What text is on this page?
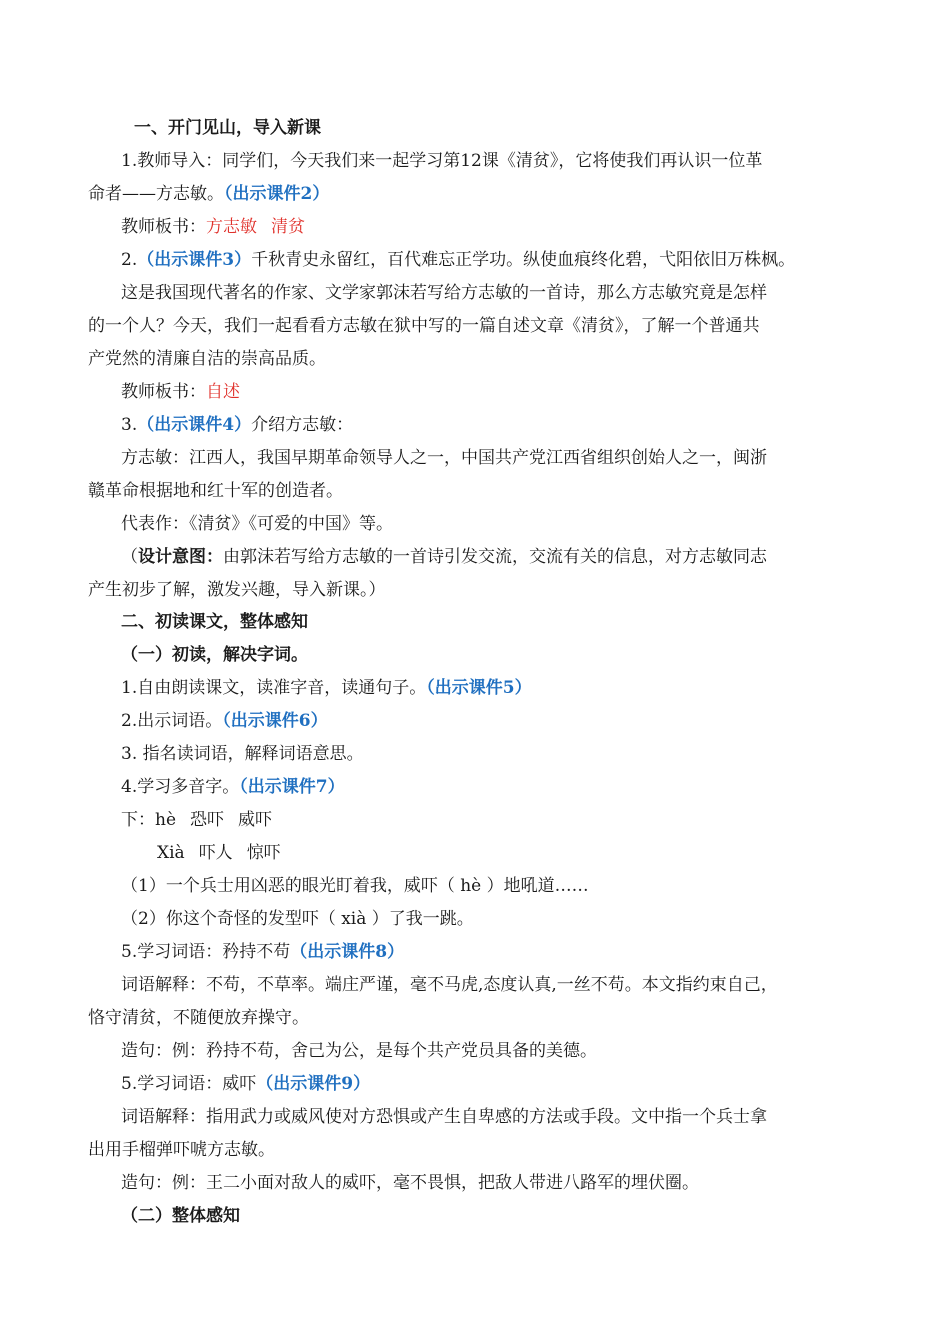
一、开门见山，导入新课
1.教师导入：同学们，今天我们来一起学习第12课《清贫》，它将使我们再认识一位革
命者——方志敏。（出示课件2）
教师板书：方志敏 清贫
2.（出示课件3）千秋青史永留红，百代难忘正学功。纵使血痕终化碧，弋阳依旧万株枫。
这是我国现代著名的作家、文学家郭沫若写给方志敏的一首诗，那么方志敏究竟是怎样
的一个人？今天，我们一起看看方志敏在狱中写的一篇自述文章《清贫》，了解一个普通共
产党然的清廉自洁的崇高品质。
教师板书：自述
3.（出示课件4）介绍方志敏：
方志敏：江西人，我国早期革命领导人之一，中国共产党江西省组织创始人之一，闽浙
赣革命根据地和红十军的创造者。
代表作：《清贫》《可爱的中国》等。
（设计意图：由郭沫若写给方志敏的一首诗引发交流，交流有关的信息，对方志敏同志
产生初步了解，激发兴趣，导入新课。）
二、初读课文，整体感知
（一）初读，解决字词。
1.自由朗读课文，读准字音，读通句子。（出示课件5）
2.出示词语。（出示课件6）
3. 指名读词语，解释词语意思。
4.学习多音字。（出示课件7）
下：hè 恐吓 威吓
Xià 吓人 惊吓
（1）一个兵士用凶恶的眼光盯着我，威吓（ hè ）地吼道……
（2）你这个奇怪的发型吓（ xià ）了我一跳。
5.学习词语：矜持不苟（出示课件8）
词语解释：不苟，不草率。端庄严谨，毫不马虎,态度认真,一丝不苟。本文指约束自己，
恪守清贫，不随便放弃操守。
造句：例：矜持不苟，舍己为公，是每个共产党员具备的美德。
5.学习词语：威吓（出示课件9）
词语解释：指用武力或威风使对方恐惧或产生自卑感的方法或手段。文中指一个兵士拿
出用手榴弹吓唬方志敏。
造句：例：王二小面对敌人的威吓，毫不畏惧，把敌人带进八路军的埋伏圈。
（二）整体感知
